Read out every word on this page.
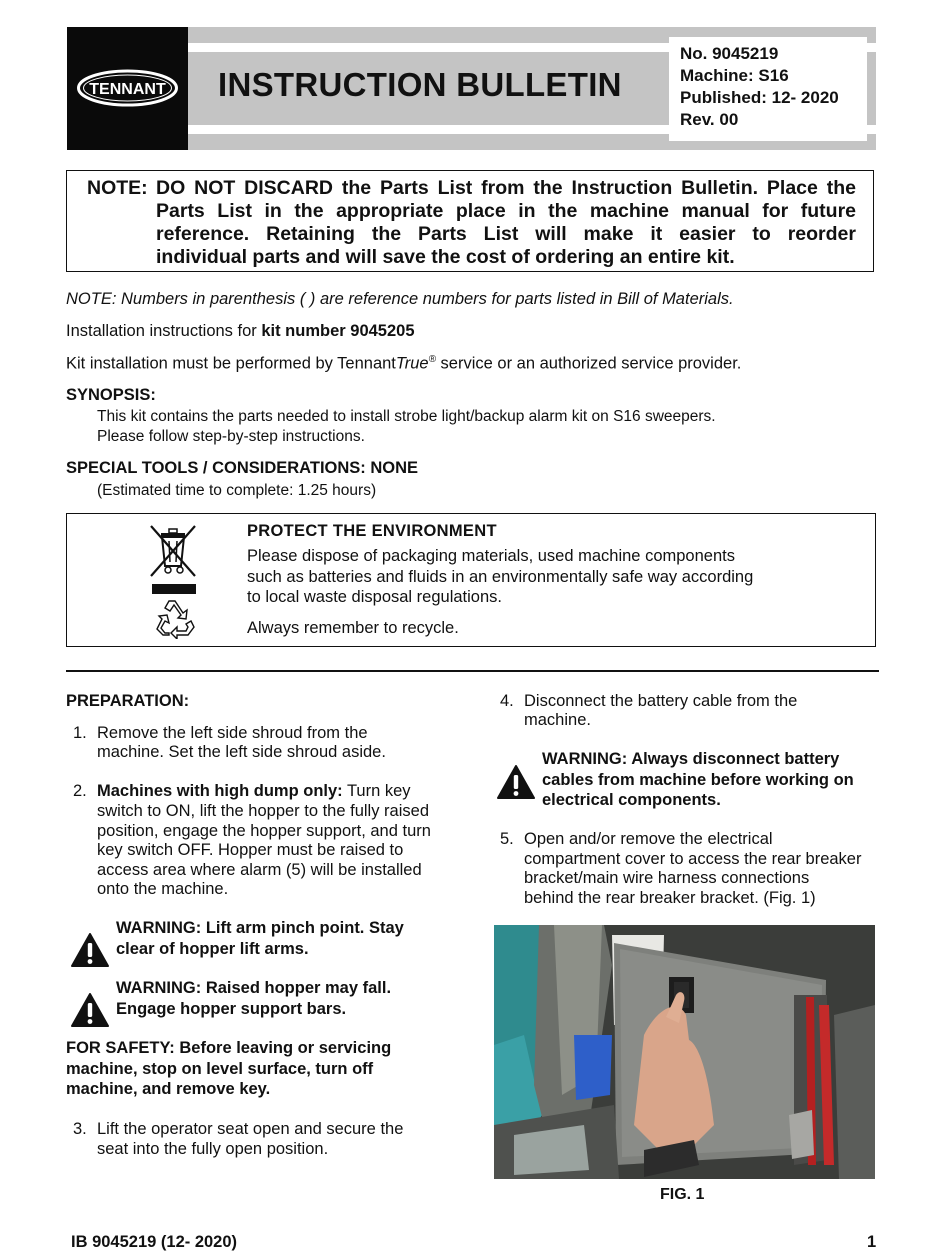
TENNANT INSTRUCTION BULLETIN
No. 9045219
Machine: S16
Published: 12- 2020
Rev. 00
NOTE: DO NOT DISCARD the Parts List from the Instruction Bulletin. Place the
Parts List in the appropriate place in the machine manual for future
reference. Retaining the Parts List will make it easier to reorder
individual parts and will save the cost of ordering an entire kit.
NOTE: Numbers in parenthesis ( ) are reference numbers for parts listed in Bill of Materials.
Installation instructions for kit number 9045205
Kit installation must be performed by TennantTrue® service or an authorized service provider.
SYNOPSIS:
This kit contains the parts needed to install strobe light/backup alarm kit on S16 sweepers.
Please follow step-by-step instructions.
SPECIAL TOOLS / CONSIDERATIONS: NONE
(Estimated time to complete: 1.25 hours)
PROTECT THE ENVIRONMENT
Please dispose of packaging materials, used machine components
such as batteries and fluids in an environmentally safe way according
to local waste disposal regulations.
Always remember to recycle.
PREPARATION:
1. Remove the left side shroud from the
machine. Set the left side shroud aside.
2. Machines with high dump only: Turn key
switch to ON, lift the hopper to the fully raised
position, engage the hopper support, and turn
key switch OFF. Hopper must be raised to
access area where alarm (5) will be installed
onto the machine.
WARNING: Lift arm pinch point. Stay
clear of hopper lift arms.
WARNING: Raised hopper may fall.
Engage hopper support bars.
FOR SAFETY: Before leaving or servicing
machine, stop on level surface, turn off
machine, and remove key.
3. Lift the operator seat open and secure the
seat into the fully open position.
4. Disconnect the battery cable from the
machine.
WARNING: Always disconnect battery
cables from machine before working on
electrical components.
5. Open and/or remove the electrical
compartment cover to access the rear breaker
bracket/main wire harness connections
behind the rear breaker bracket. (Fig. 1)
FIG. 1
IB 9045219 (12- 2020)	1
